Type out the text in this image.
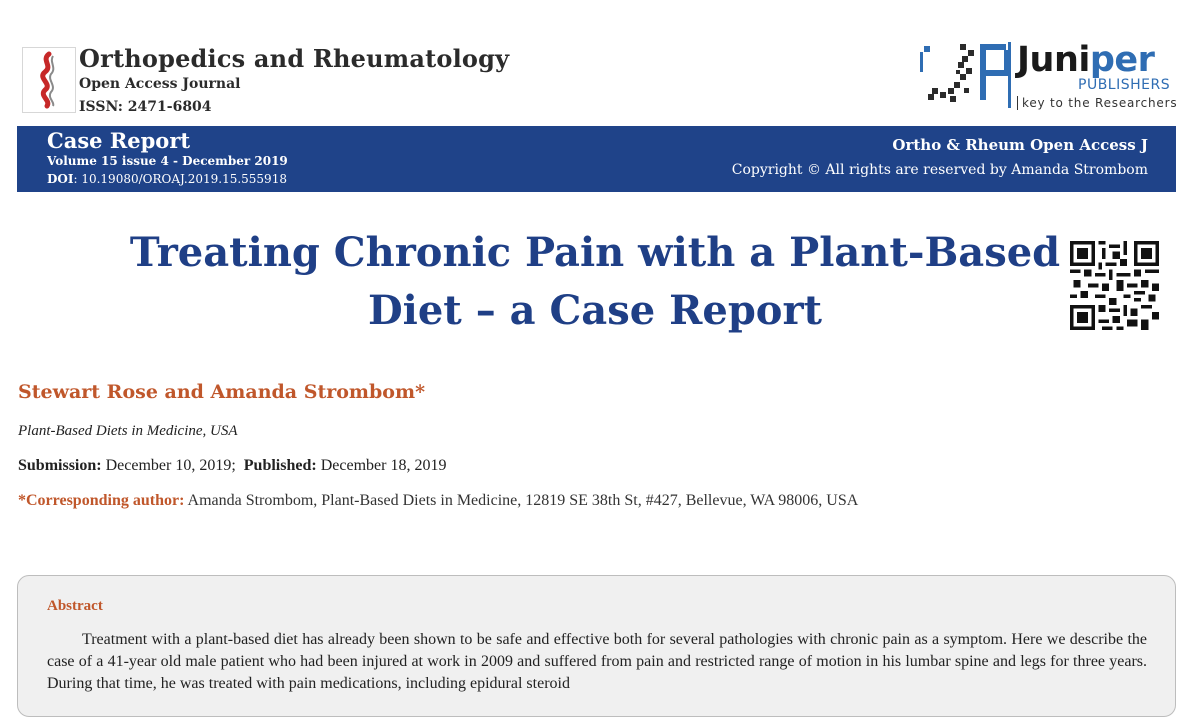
Orthopedics and Rheumatology
Open Access Journal
ISSN: 2471-6804
Juniper
PUBLISHERS
key to the Researchers
Case Report
Volume 15 issue 4 - December 2019
DOI: 10.19080/OROAJ.2019.15.555918
Ortho & Rheum Open Access J
Copyright © All rights are reserved by Amanda Strombom
Treating Chronic Pain with a Plant-Based
Diet – a Case Report
Stewart Rose and Amanda Strombom*
Plant-Based Diets in Medicine, USA
Submission: December 10, 2019; Published: December 18, 2019
*Corresponding author: Amanda Strombom, Plant-Based Diets in Medicine, 12819 SE 38th St, #427, Bellevue, WA 98006, USA
Abstract
Treatment with a plant-based diet has already been shown to be safe and effective both for several pathologies with chronic pain as a symptom. Here we describe the case of a 41-year old male patient who had been injured at work in 2009 and suffered from pain and restricted range of motion in his lumbar spine and legs for three years. During that time, he was treated with pain medications, including epidural steroid
